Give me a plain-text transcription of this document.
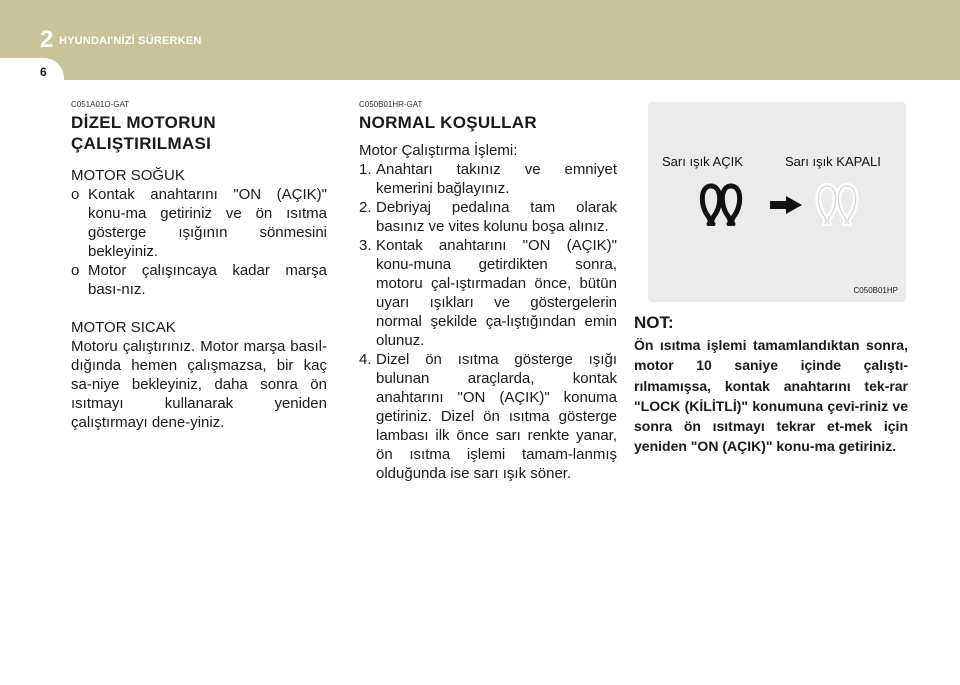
2 HYUNDAI'NİZİ SÜRERKEN
6
C051A01O-GAT
DİZEL MOTORUN ÇALIŞTIRILMASI
MOTOR SOĞUK
o Kontak anahtarını "ON (AÇIK)" konu-ma getiriniz ve ön ısıtma gösterge ışığının sönmesini bekleyiniz.
o Motor çalışıncaya kadar marşa bası-nız.
MOTOR SICAK
Motoru çalıştırınız. Motor marşa basıl-dığında hemen çalışmazsa, bir kaç sa-niye bekleyiniz, daha sonra ön ısıtmayı kullanarak yeniden çalıştırmayı dene-yiniz.
C050B01HR-GAT
NORMAL KOŞULLAR
Motor Çalıştırma İşlemi:
1. Anahtarı takınız ve emniyet kemerini bağlayınız.
2. Debriyaj pedalına tam olarak basınız ve vites kolunu boşa alınız.
3. Kontak anahtarını "ON (AÇIK)" konu-muna getirdikten sonra, motoru çal-ıştırmadan önce, bütün uyarı ışıkları ve göstergelerin normal şekilde ça-lıştığından emin olunuz.
4. Dizel ön ısıtma gösterge ışığı bulunan araçlarda, kontak anahtarını "ON (AÇIK)" konuma getiriniz. Dizel ön ısıtma gösterge lambası ilk önce sarı renkte yanar, ön ısıtma işlemi tamam-lanmış olduğunda ise sarı ışık söner.
Sarı ışık AÇIK	Sarı ışık KAPALI
C050B01HP
NOT:
Ön ısıtma işlemi tamamlandıktan sonra, motor 10 saniye içinde çalıştı-rılmamışsa, kontak anahtarını tek-rar "LOCK (KİLİTLİ)" konumuna çevi-riniz ve sonra ön ısıtmayı tekrar et-mek için yeniden "ON (AÇIK)" konu-ma getiriniz.
